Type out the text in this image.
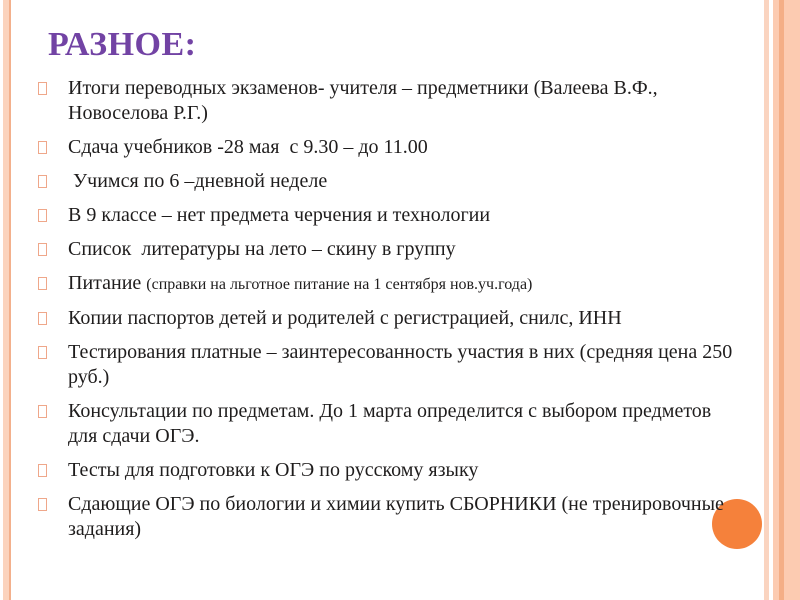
РАЗНОЕ:
Итоги переводных экзаменов- учителя – предметники (Валеева В.Ф., Новоселова Р.Г.)
Сдача учебников -28 мая  с 9.30 – до 11.00
Учимся по 6 –дневной неделе
В 9 классе – нет предмета черчения и технологии
Список  литературы на лето – скину в группу
Питание (справки на льготное питание на 1 сентября нов.уч.года)
Копии паспортов детей и родителей с регистрацией, снилс, ИНН
Тестирования платные – заинтересованность участия в них (средняя цена 250 руб.)
Консультации по предметам. До 1 марта определится с выбором предметов для сдачи ОГЭ.
Тесты для подготовки к ОГЭ по русскому языку
Сдающие ОГЭ по биологии и химии купить СБОРНИКИ (не тренировочные задания)
